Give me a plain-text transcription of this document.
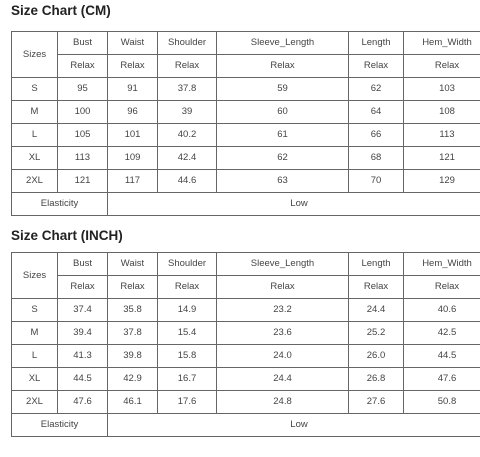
Size Chart (CM)
Sizes	Bust	Waist	Shoulder	Sleeve_Length	Length	Hem_Width
	Relax	Relax	Relax	Relax	Relax	Relax
S	95	91	37.8	59	62	103
M	100	96	39	60	64	108
L	105	101	40.2	61	66	113
XL	113	109	42.4	62	68	121
2XL	121	117	44.6	63	70	129
Elasticity		Low				
Size Chart (INCH)
Sizes	Bust	Waist	Shoulder	Sleeve_Length	Length	Hem_Width
	Relax	Relax	Relax	Relax	Relax	Relax
S	37.4	35.8	14.9	23.2	24.4	40.6
M	39.4	37.8	15.4	23.6	25.2	42.5
L	41.3	39.8	15.8	24.0	26.0	44.5
XL	44.5	42.9	16.7	24.4	26.8	47.6
2XL	47.6	46.1	17.6	24.8	27.6	50.8
Elasticity		Low				
